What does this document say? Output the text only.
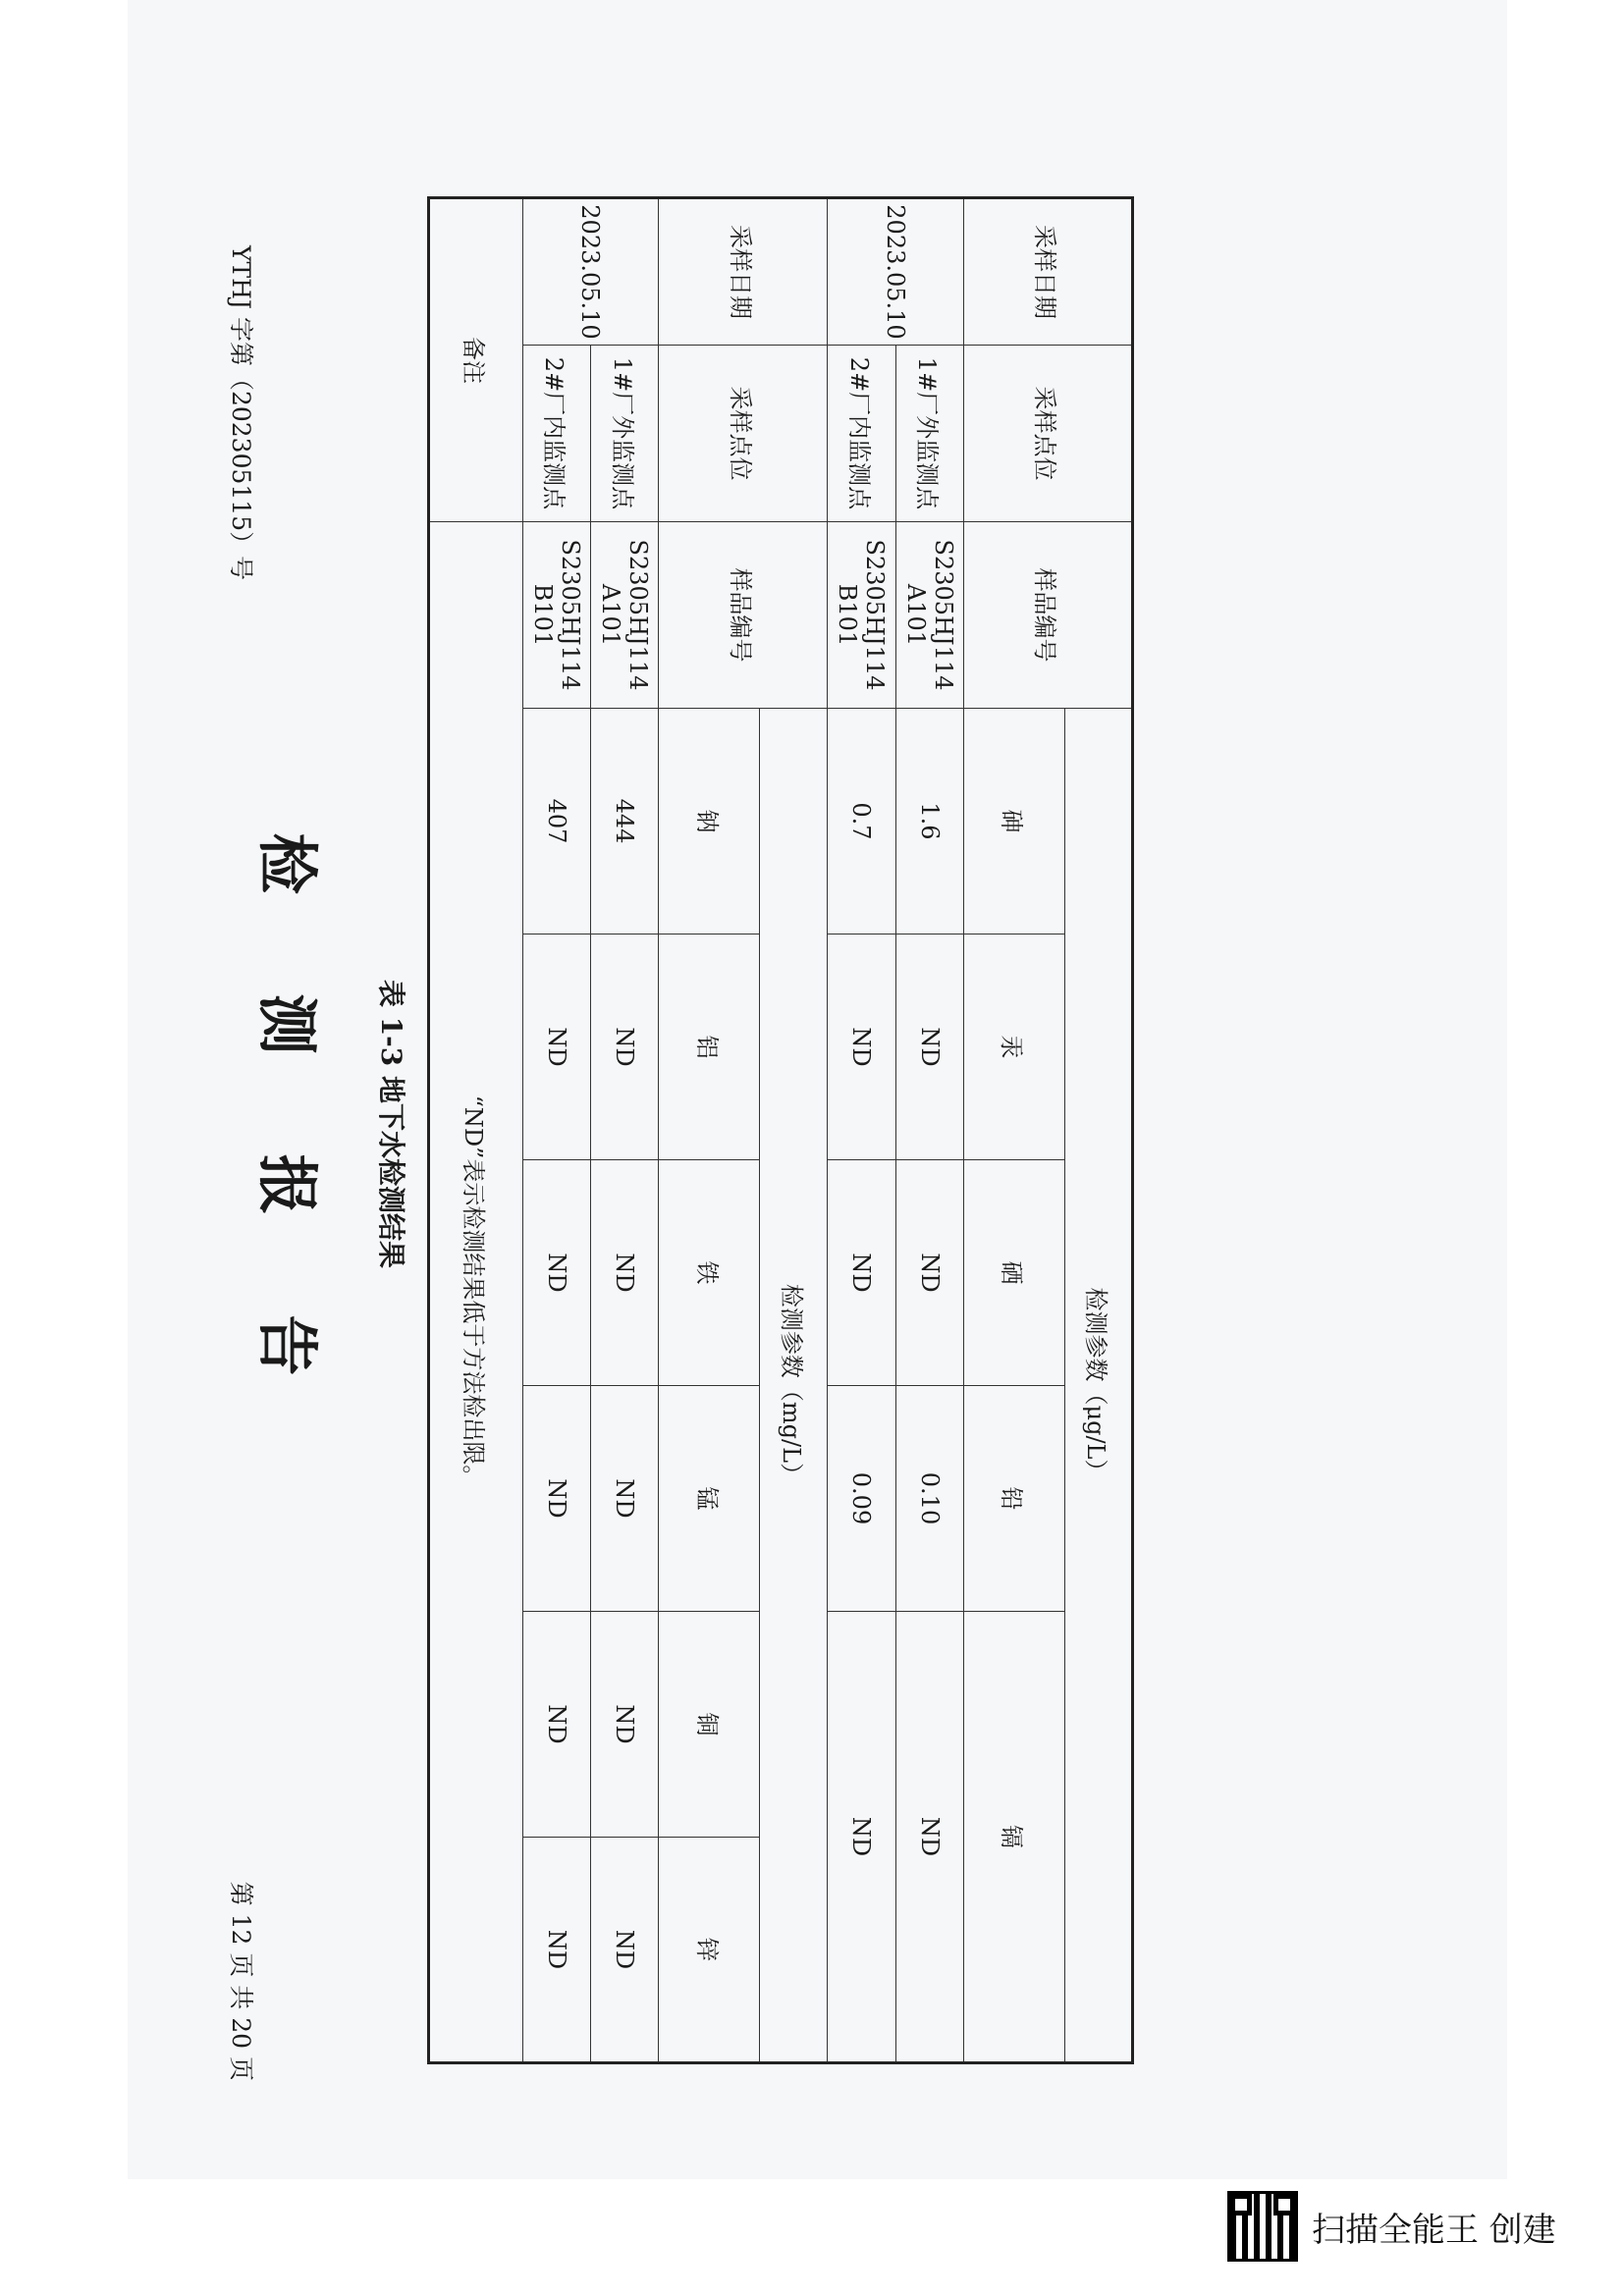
检 测 报 告	表 1-3 地下水检测结果
YTHJ 字第（202305115）号
第 12 页 共 20 页
采样日期	采样点位	样品编号	检测参数（μg/L）					
			砷	汞	硒	铅	镉	
2023.05.10	1#厂外监测点	S2305HJ114 A101	1.6	ND	ND	0.10	ND	
	2#厂内监测点	S2305HJ114 B101	0.7	ND	ND	0.09	ND	
采样日期	采样点位	样品编号	检测参数（mg/L）					
			钠	铝	铁	锰	铜	锌
2023.05.10	1#厂外监测点	S2305HJ114 A101	444	ND	ND	ND	ND	ND
	2#厂内监测点	S2305HJ114 B101	407	ND	ND	ND	ND	ND
备注		“ND”表示检测结果低于方法检出限。						
扫描全能王 创建
